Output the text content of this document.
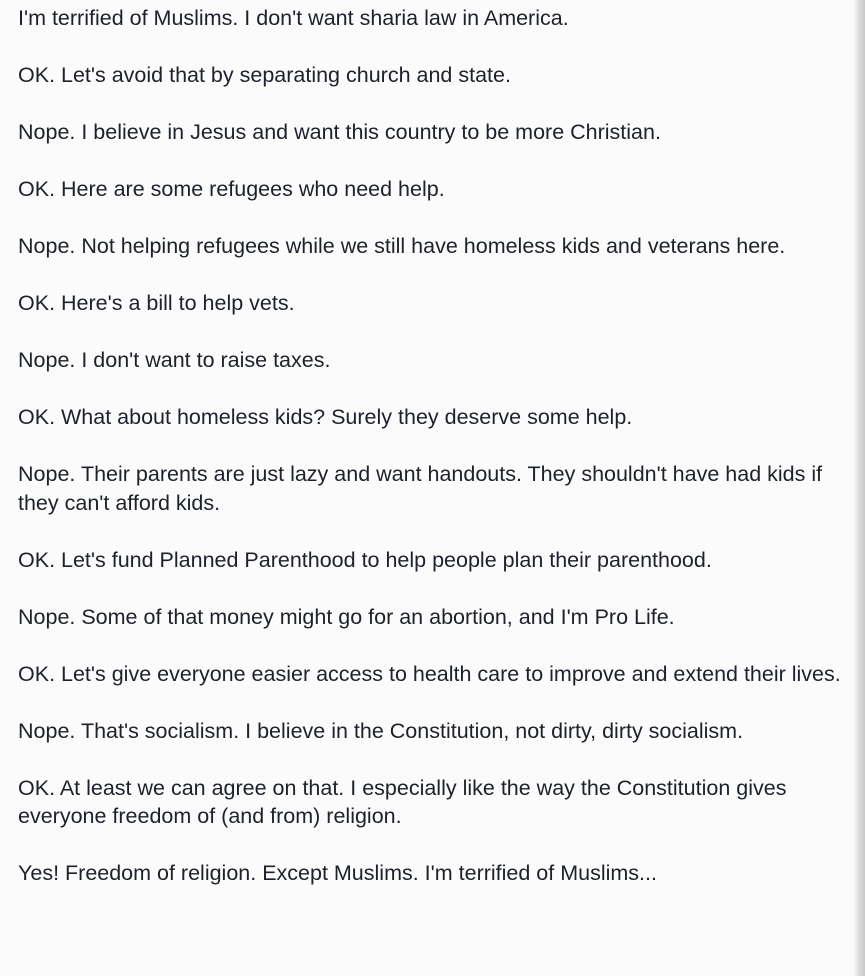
I'm terrified of Muslims. I don't want sharia law in America.

OK. Let's avoid that by separating church and state.

Nope. I believe in Jesus and want this country to be more Christian.

OK. Here are some refugees who need help.

Nope. Not helping refugees while we still have homeless kids and veterans here.

OK. Here's a bill to help vets.

Nope. I don't want to raise taxes.

OK. What about homeless kids? Surely they deserve some help.

Nope. Their parents are just lazy and want handouts. They shouldn't have had kids if they can't afford kids.

OK. Let's fund Planned Parenthood to help people plan their parenthood.

Nope. Some of that money might go for an abortion, and I'm Pro Life.

OK. Let's give everyone easier access to health care to improve and extend their lives.

Nope. That's socialism. I believe in the Constitution, not dirty, dirty socialism.

OK. At least we can agree on that. I especially like the way the Constitution gives everyone freedom of (and from) religion.

Yes! Freedom of religion. Except Muslims. I'm terrified of Muslims...
